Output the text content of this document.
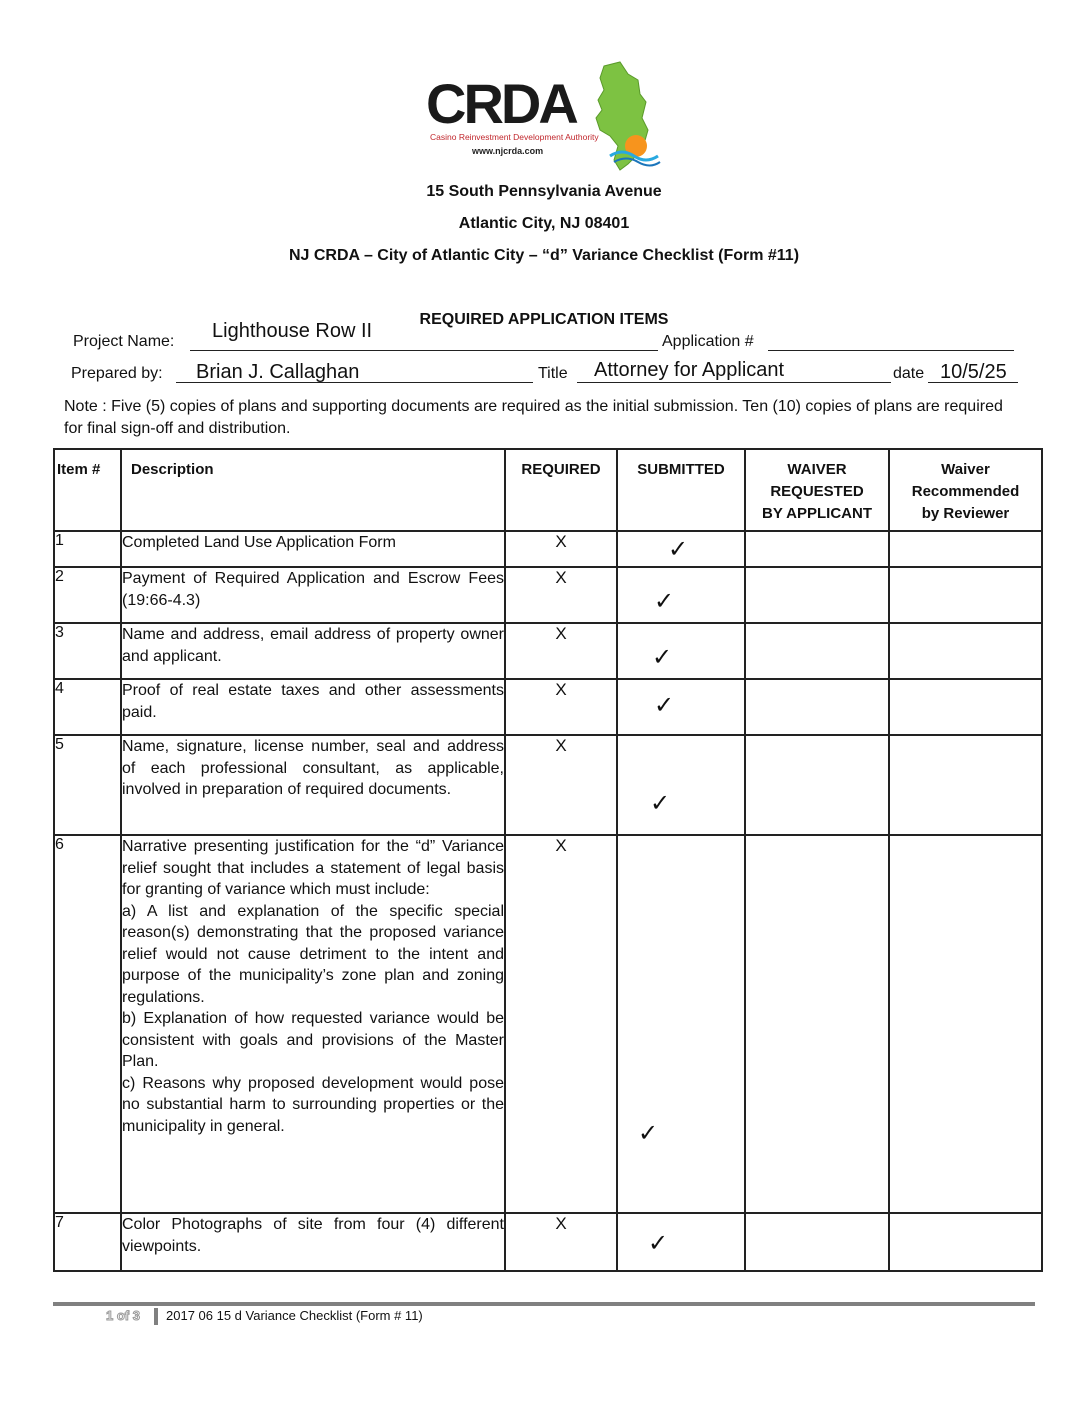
CRDA
Casino Reinvestment Development Authority
www.njcrda.com
15 South Pennsylvania Avenue
Atlantic City, NJ 08401
NJ CRDA – City of Atlantic City – “d” Variance Checklist (Form #11)
REQUIRED APPLICATION ITEMS
Project Name: Lighthouse Row II	Application #
Prepared by: Brian J. Callaghan	Title Attorney for Applicant	date 10/5/25
Note : Five (5) copies of plans and supporting documents are required as the initial submission. Ten (10) copies of plans are required for final sign-off and distribution.
Item #	Description	REQUIRED	SUBMITTED	WAIVER
REQUESTED
BY APPLICANT	Waiver
Recommended
by Reviewer

1	Completed Land Use Application Form	X	✓		

2	Payment of Required Application and Escrow Fees (19:66-4.3)	X	✓		

3	Name and address, email address of property owner and applicant.	X	✓		

4	Proof of real estate taxes and other assessments paid.	X	✓		

5	Name, signature, license number, seal and address of each professional consultant, as applicable, involved in preparation of required documents.	X	✓		

6	Narrative presenting justification for the “d” Variance relief sought that includes a statement of legal basis for granting of variance which must include:
a) A list and explanation of the specific special reason(s) demonstrating that the proposed variance relief would not cause detriment to the intent and purpose of the municipality’s zone plan and zoning regulations.
b) Explanation of how requested variance would be consistent with goals and provisions of the Master Plan.
c) Reasons why proposed development would pose no substantial harm to surrounding properties or the municipality in general.	X	✓		

7	Color Photographs of site from four (4) different viewpoints.	X	✓		

1 of 3 2017 06 15 d Variance Checklist (Form # 11)
